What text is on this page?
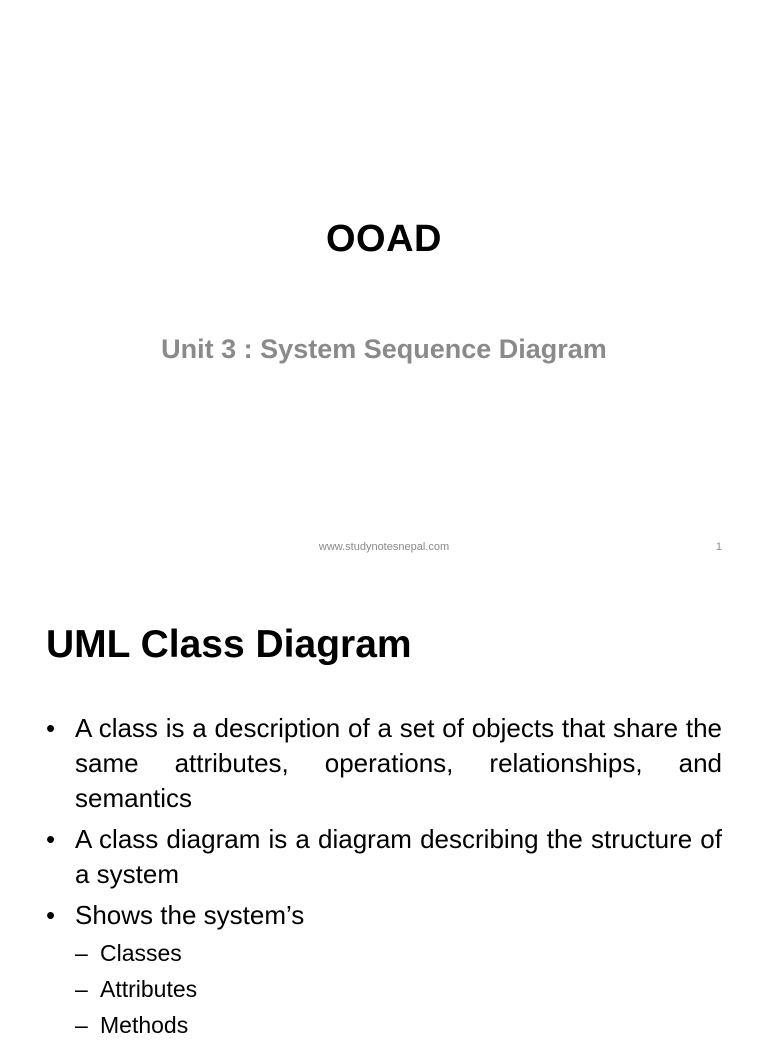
OOAD
Unit 3 : System Sequence Diagram
www.studynotesnepal.com	1
UML Class Diagram
• A class is a description of a set of objects that share the same attributes, operations, relationships, and semantics
• A class diagram is a diagram describing the structure of a system
• Shows the system’s
– Classes
– Attributes
– Methods
